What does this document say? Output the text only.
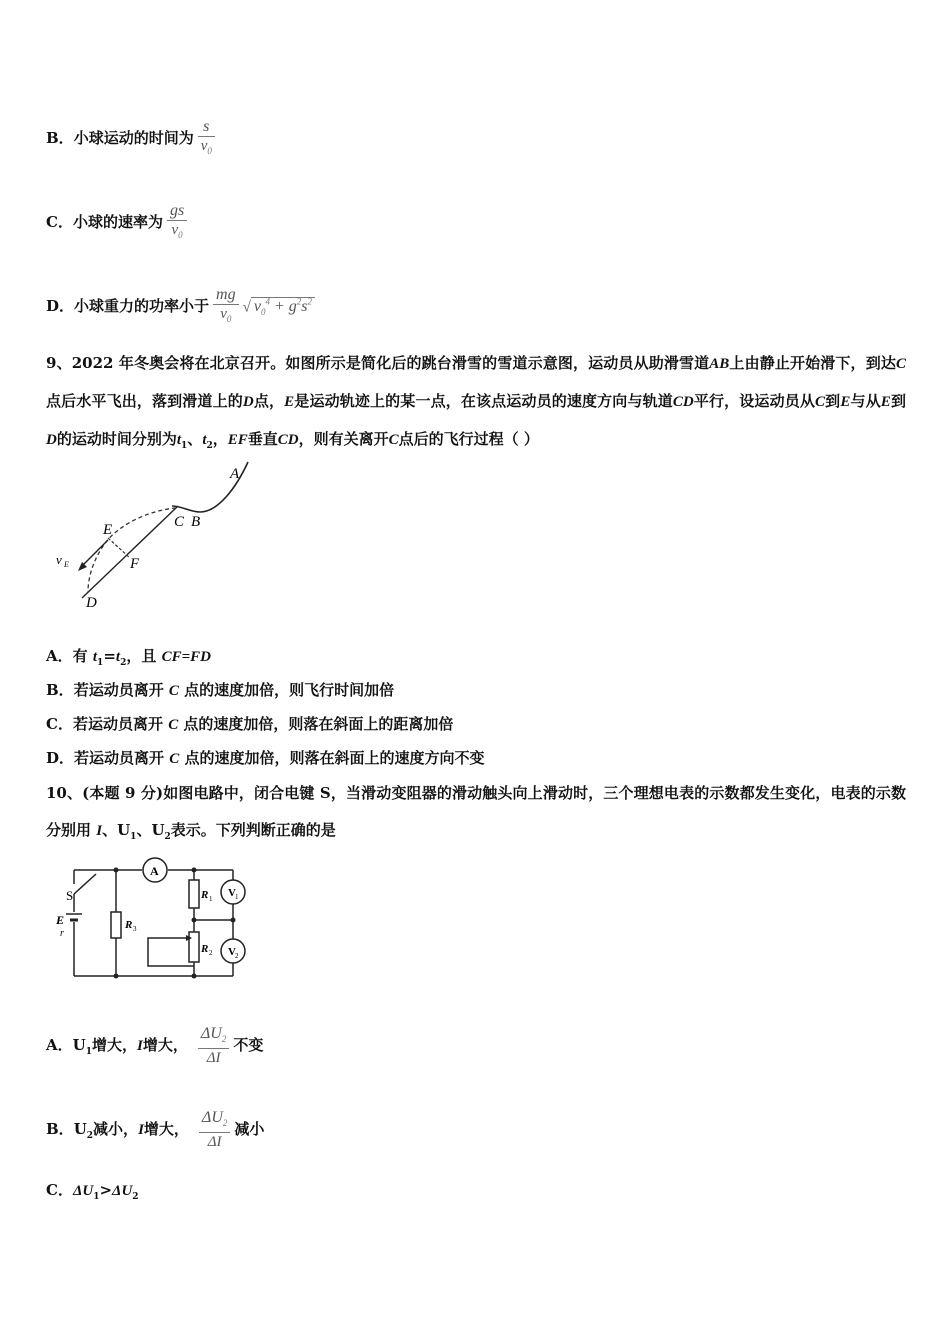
B．小球运动的时间为 $\frac{s}{v_0}$
C．小球的速率为 $\frac{gs}{v_0}$
D．小球重力的功率小于 $\frac{mg}{v_0}$ √ $v_0^4 + g^2s^2$
9、2022 年冬奥会将在北京召开。如图所示是简化后的跳台滑雪的雪道示意图，运动员从助滑雪道AB上由静止开始滑下，到达C点后水平飞出，落到滑道上的D点，E是运动轨迹上的某一点，在该点运动员的速度方向与轨道CD平行，设运动员从C到E与从E到D的运动时间分别为$t_1$、$t_2$，EF垂直CD，则有关离开C点后的飞行过程（ ）
A
C B
E
F
D
v E
A．有 $t_1=t_2$，且 CF=FD
B．若运动员离开 C 点的速度加倍，则飞行时间加倍
C．若运动员离开 C 点的速度加倍，则落在斜面上的距离加倍
D．若运动员离开 C 点的速度加倍，则落在斜面上的速度方向不变
10、(本题 9 分)如图电路中，闭合电键 S，当滑动变阻器的滑动触头向上滑动时，三个理想电表的示数都发生变化，电表的示数分别用 I、$U_1$、$U_2$表示。下列判断正确的是
A
V 1
V 2
S
E
r
R 3
R 1
R 2
A．$U_1$增大，I增大， $\frac{\Delta U_2}{\Delta I}$ 不变
B．$U_2$减小，I增大， $\frac{\Delta U_2}{\Delta I}$ 减小
C．$\Delta U_1>\Delta U_2$
